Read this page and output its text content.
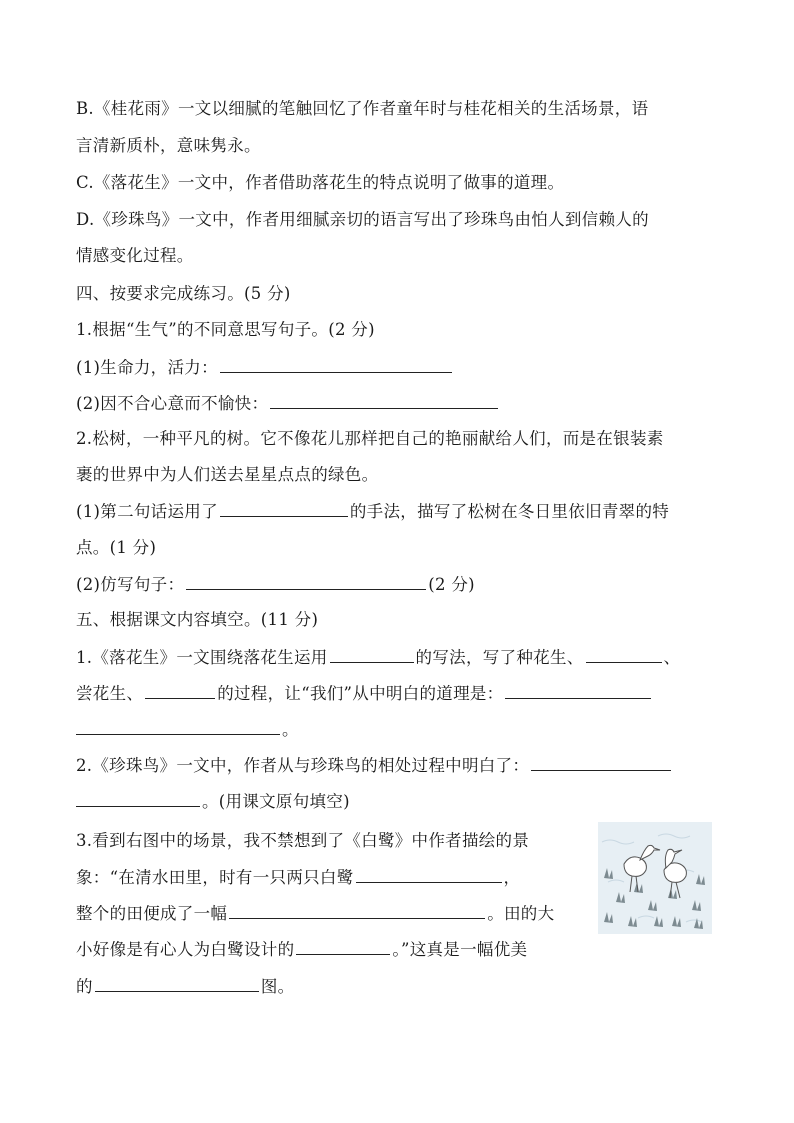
B.《桂花雨》一文以细腻的笔触回忆了作者童年时与桂花相关的生活场景，语
言清新质朴，意味隽永。
C.《落花生》一文中，作者借助落花生的特点说明了做事的道理。
D.《珍珠鸟》一文中，作者用细腻亲切的语言写出了珍珠鸟由怕人到信赖人的
情感变化过程。
四、按要求完成练习。(5 分)
1.根据“生气”的不同意思写句子。(2 分)
(1)生命力，活力：
(2)因不合心意而不愉快：
2.松树，一种平凡的树。它不像花儿那样把自己的艳丽献给人们，而是在银装素
裹的世界中为人们送去星星点点的绿色。
(1)第二句话运用了	的手法，描写了松树在冬日里依旧青翠的特
点。(1 分)
(2)仿写句子：	(2 分)
五、根据课文内容填空。(11 分)
1.《落花生》一文围绕落花生运用	的写法，写了种花生、	、
尝花生、	的过程，让“我们”从中明白的道理是：
。
2.《珍珠鸟》一文中，作者从与珍珠鸟的相处过程中明白了：
。(用课文原句填空)
3.看到右图中的场景，我不禁想到了《白鹭》中作者描绘的景
象：“在清水田里，时有一只两只白鹭	，
整个的田便成了一幅	。田的大
小好像是有心人为白鹭设计的	。”这真是一幅优美
的	图。
